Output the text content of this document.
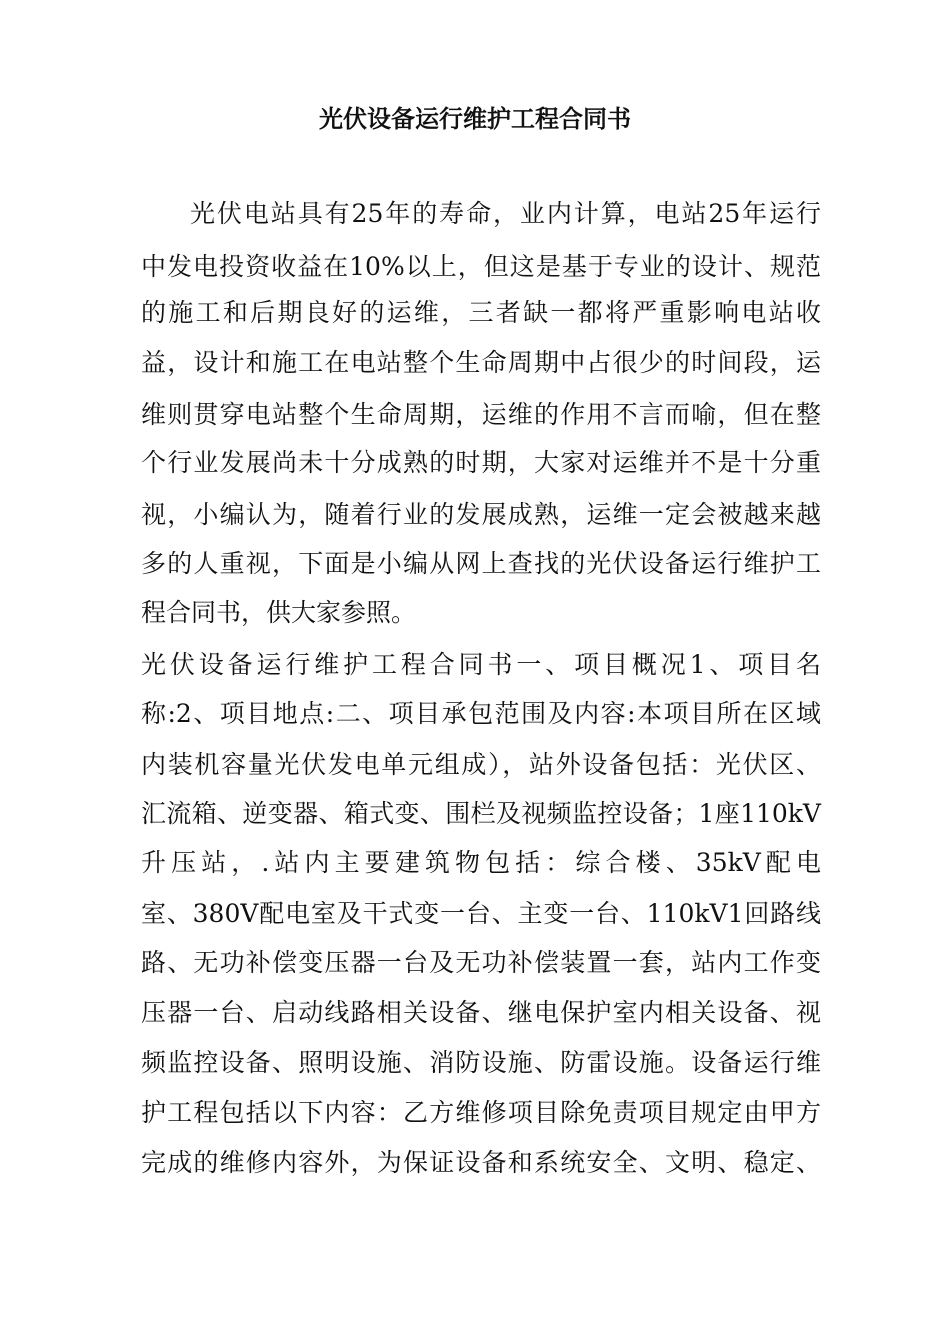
光伏设备运行维护工程合同书
光伏电站具有25年的寿命，业内计算，电站25年运行
中发电投资收益在10%以上，但这是基于专业的设计、规范
的施工和后期良好的运维，三者缺一都将严重影响电站收
益，设计和施工在电站整个生命周期中占很少的时间段，运
维则贯穿电站整个生命周期，运维的作用不言而喻，但在整
个行业发展尚未十分成熟的时期，大家对运维并不是十分重
视，小编认为，随着行业的发展成熟，运维一定会被越来越
多的人重视，下面是小编从网上查找的光伏设备运行维护工
程合同书，供大家参照。
光伏设备运行维护工程合同书一、项目概况1、项目名
称:2、项目地点:二、项目承包范围及内容:本项目所在区域
内装机容量光伏发电单元组成），站外设备包括：光伏区、
汇流箱、逆变器、箱式变、围栏及视频监控设备；1座110kV
升压站，.站内主要建筑物包括：综合楼、35kV配电
室、380V配电室及干式变一台、主变一台、110kV1回路线
路、无功补偿变压器一台及无功补偿装置一套，站内工作变
压器一台、启动线路相关设备、继电保护室内相关设备、视
频监控设备、照明设施、消防设施、防雷设施。设备运行维
护工程包括以下内容：乙方维修项目除免责项目规定由甲方
完成的维修内容外，为保证设备和系统安全、文明、稳定、
